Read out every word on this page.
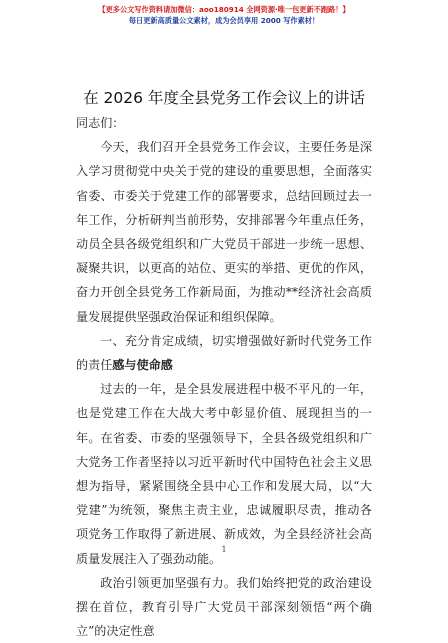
【更多公文写作资料请加微信：aoo180914 全网资源·唯一包更新不跑路！】
每日更新高质量公文素材，成为会员享用 2000 写作素材！
在 2026 年度全县党务工作会议上的讲话

同志们：

今天，我们召开全县党务工作会议，主要任务是深入学习贯彻党中央关于党的建设的重要思想，全面落实省委、市委关于党建工作的部署要求，总结回顾过去一年工作，分析研判当前形势，安排部署今年重点任务，动员全县各级党组织和广大党员干部进一步统一思想、凝聚共识，以更高的站位、更实的举措、更优的作风，奋力开创全县党务工作新局面，为推动**经济社会高质量发展提供坚强政治保证和组织保障。

一、充分肯定成绩，切实增强做好新时代党务工作的责任感与使命感

过去的一年，是全县发展进程中极不平凡的一年，也是党建工作在大战大考中彰显价值、展现担当的一年。在省委、市委的坚强领导下，全县各级党组织和广大党务工作者坚持以习近平新时代中国特色社会主义思想为指导，紧紧围绕全县中心工作和发展大局，以“大党建”为统领，聚焦主责主业，忠诚履职尽责，推动各项党务工作取得了新进展、新成效，为全县经济社会高质量发展注入了强劲动能。

政治引领更加坚强有力。我们始终把党的政治建设摆在首位，教育引导广大党员干部深刻领悟“两个确立”的决定性意

1
